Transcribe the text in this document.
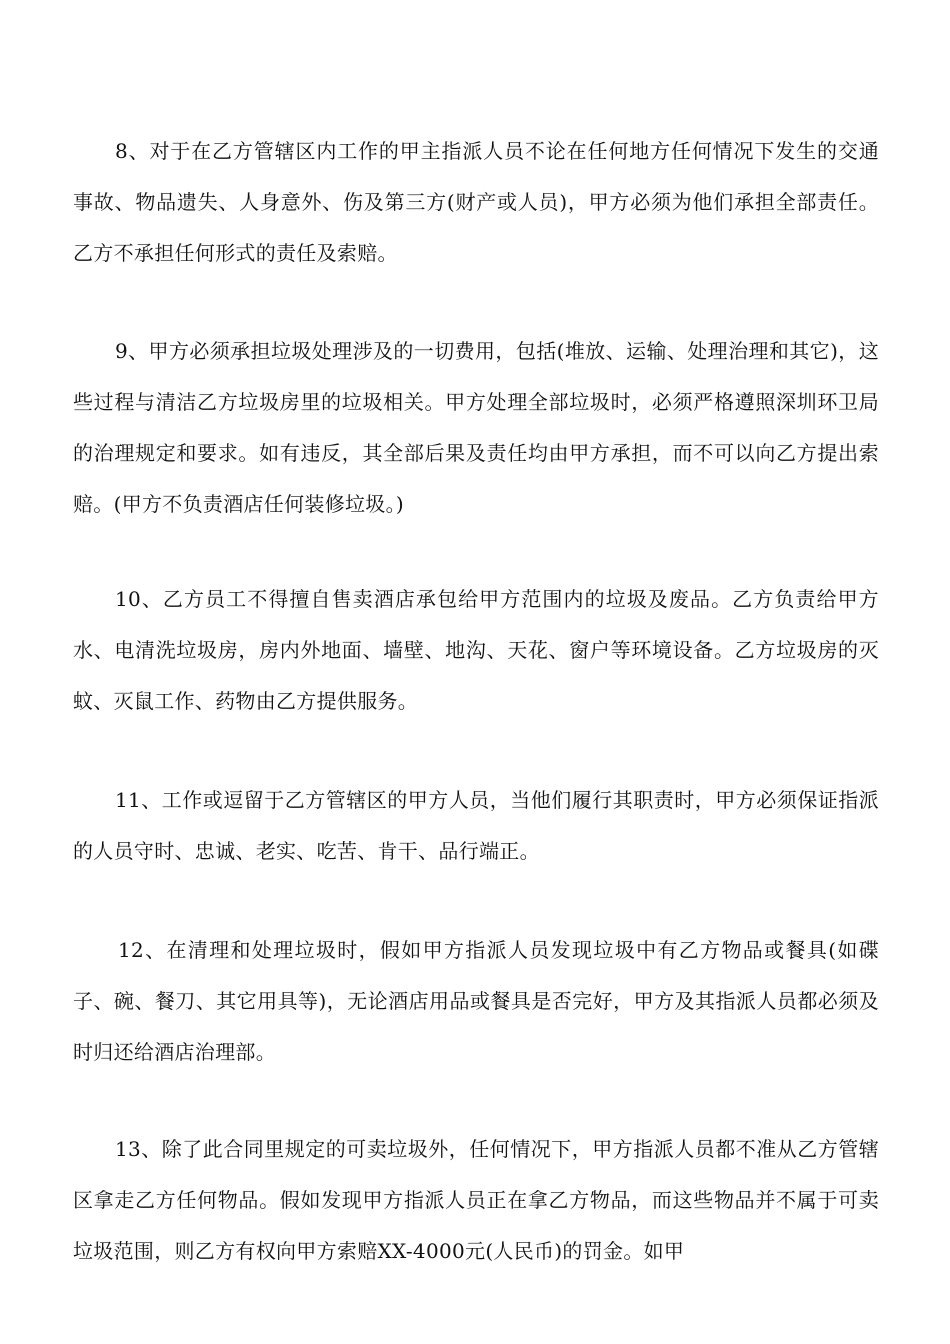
8、对于在乙方管辖区内工作的甲主指派人员不论在任何地方任何情况下发生的交通事故、物品遗失、人身意外、伤及第三方(财产或人员)，甲方必须为他们承担全部责任。乙方不承担任何形式的责任及索赔。

9、甲方必须承担垃圾处理涉及的一切费用，包括(堆放、运输、处理治理和其它)，这些过程与清洁乙方垃圾房里的垃圾相关。甲方处理全部垃圾时，必须严格遵照深圳环卫局的治理规定和要求。如有违反，其全部后果及责任均由甲方承担，而不可以向乙方提出索赔。(甲方不负责酒店任何装修垃圾。)

10、乙方员工不得擅自售卖酒店承包给甲方范围内的垃圾及废品。乙方负责给甲方水、电清洗垃圾房，房内外地面、墙壁、地沟、天花、窗户等环境设备。乙方垃圾房的灭蚊、灭鼠工作、药物由乙方提供服务。

11、工作或逗留于乙方管辖区的甲方人员，当他们履行其职责时，甲方必须保证指派的人员守时、忠诚、老实、吃苦、肯干、品行端正。

12、在清理和处理垃圾时，假如甲方指派人员发现垃圾中有乙方物品或餐具(如碟子、碗、餐刀、其它用具等)，无论酒店用品或餐具是否完好，甲方及其指派人员都必须及时归还给酒店治理部。

13、除了此合同里规定的可卖垃圾外，任何情况下，甲方指派人员都不准从乙方管辖区拿走乙方任何物品。假如发现甲方指派人员正在拿乙方物品，而这些物品并不属于可卖垃圾范围，则乙方有权向甲方索赔XX-4000元(人民币)的罚金。如甲
